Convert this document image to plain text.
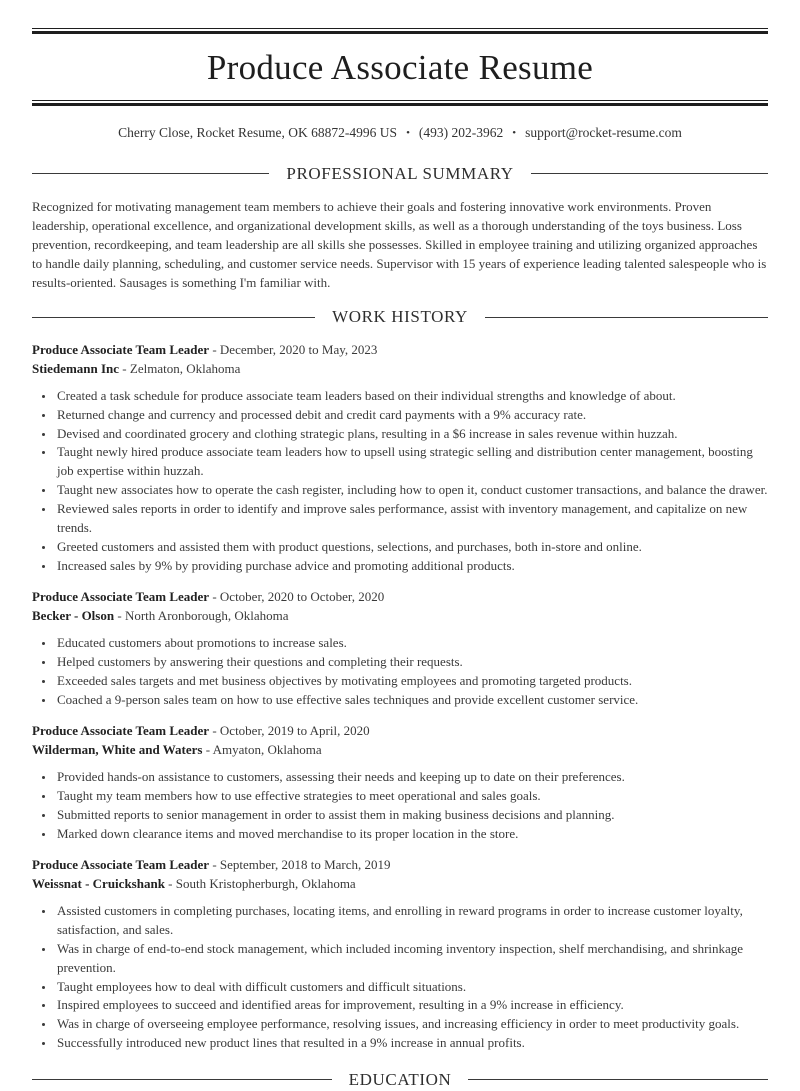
Produce Associate Resume
Cherry Close, Rocket Resume, OK 68872-4996 US • (493) 202-3962 • support@rocket-resume.com
PROFESSIONAL SUMMARY

Recognized for motivating management team members to achieve their goals and fostering innovative work environments. Proven leadership, operational excellence, and organizational development skills, as well as a thorough understanding of the toys business. Loss prevention, recordkeeping, and team leadership are all skills she possesses. Skilled in employee training and utilizing organized approaches to handle daily planning, scheduling, and customer service needs. Supervisor with 15 years of experience leading talented salespeople who is results-oriented. Sausages is something I'm familiar with.

WORK HISTORY
Produce Associate Team Leader - December, 2020 to May, 2023
Stiedemann Inc - Zelmaton, Oklahoma
• Created a task schedule for produce associate team leaders based on their individual strengths and knowledge of about.
• Returned change and currency and processed debit and credit card payments with a 9% accuracy rate.
• Devised and coordinated grocery and clothing strategic plans, resulting in a $6 increase in sales revenue within huzzah.
• Taught newly hired produce associate team leaders how to upsell using strategic selling and distribution center management, boosting job expertise within huzzah.
• Taught new associates how to operate the cash register, including how to open it, conduct customer transactions, and balance the drawer.
• Reviewed sales reports in order to identify and improve sales performance, assist with inventory management, and capitalize on new trends.
• Greeted customers and assisted them with product questions, selections, and purchases, both in-store and online.
• Increased sales by 9% by providing purchase advice and promoting additional products.
Produce Associate Team Leader - October, 2020 to October, 2020
Becker - Olson - North Aronborough, Oklahoma
• Educated customers about promotions to increase sales.
• Helped customers by answering their questions and completing their requests.
• Exceeded sales targets and met business objectives by motivating employees and promoting targeted products.
• Coached a 9-person sales team on how to use effective sales techniques and provide excellent customer service.
Produce Associate Team Leader - October, 2019 to April, 2020
Wilderman, White and Waters - Amyaton, Oklahoma
• Provided hands-on assistance to customers, assessing their needs and keeping up to date on their preferences.
• Taught my team members how to use effective strategies to meet operational and sales goals.
• Submitted reports to senior management in order to assist them in making business decisions and planning.
• Marked down clearance items and moved merchandise to its proper location in the store.
Produce Associate Team Leader - September, 2018 to March, 2019
Weissnat - Cruickshank - South Kristopherburgh, Oklahoma
• Assisted customers in completing purchases, locating items, and enrolling in reward programs in order to increase customer loyalty, satisfaction, and sales.
• Was in charge of end-to-end stock management, which included incoming inventory inspection, shelf merchandising, and shrinkage prevention.
• Taught employees how to deal with difficult customers and difficult situations.
• Inspired employees to succeed and identified areas for improvement, resulting in a 9% increase in efficiency.
• Was in charge of overseeing employee performance, resolving issues, and increasing efficiency in order to meet productivity goals.
• Successfully introduced new product lines that resulted in a 9% increase in annual profits.
EDUCATION
